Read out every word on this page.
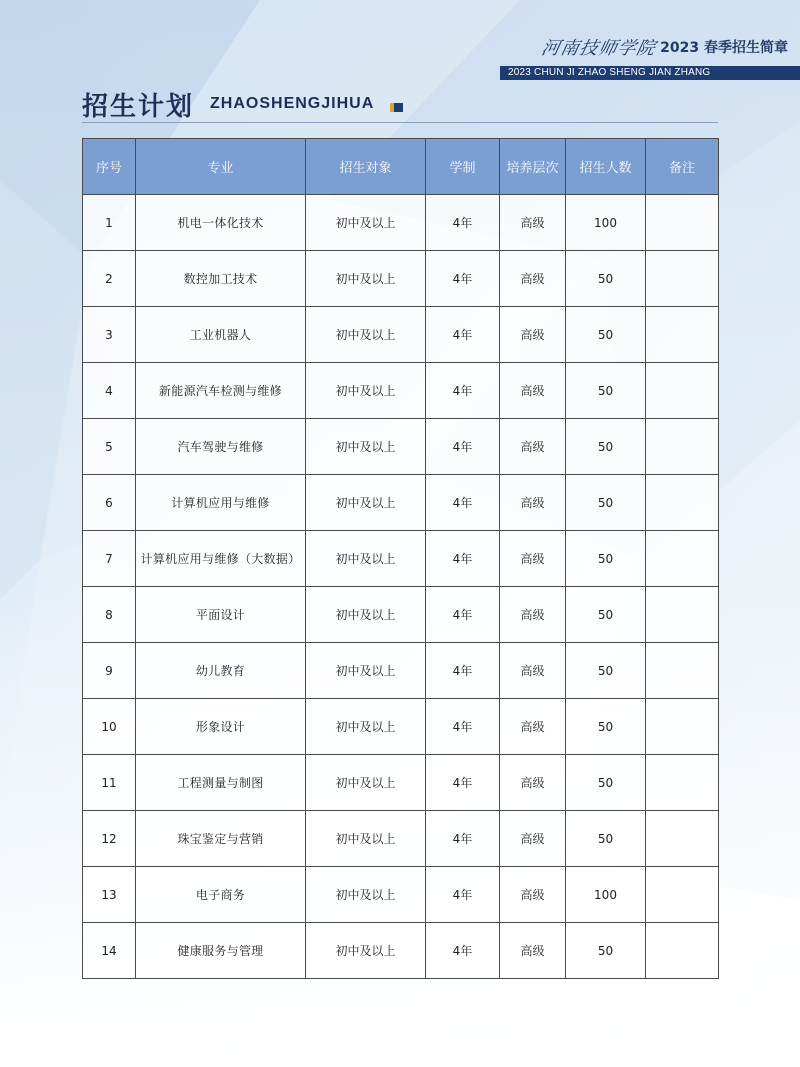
河南技师学院 2023 春季招生简章
2023 CHUN JI ZHAO SHENG JIAN ZHANG
招生计划 ZHAOSHENGJIHUA
序号	专业	招生对象	学制	培养层次	招生人数	备注
1	机电一体化技术	初中及以上	4年	高级	100	
2	数控加工技术	初中及以上	4年	高级	50	
3	工业机器人	初中及以上	4年	高级	50	
4	新能源汽车检测与维修	初中及以上	4年	高级	50	
5	汽车驾驶与维修	初中及以上	4年	高级	50	
6	计算机应用与维修	初中及以上	4年	高级	50	
7	计算机应用与维修（大数据）	初中及以上	4年	高级	50	
8	平面设计	初中及以上	4年	高级	50	
9	幼儿教育	初中及以上	4年	高级	50	
10	形象设计	初中及以上	4年	高级	50	
11	工程测量与制图	初中及以上	4年	高级	50	
12	珠宝鉴定与营销	初中及以上	4年	高级	50	
13	电子商务	初中及以上	4年	高级	100	
14	健康服务与管理	初中及以上	4年	高级	50	
